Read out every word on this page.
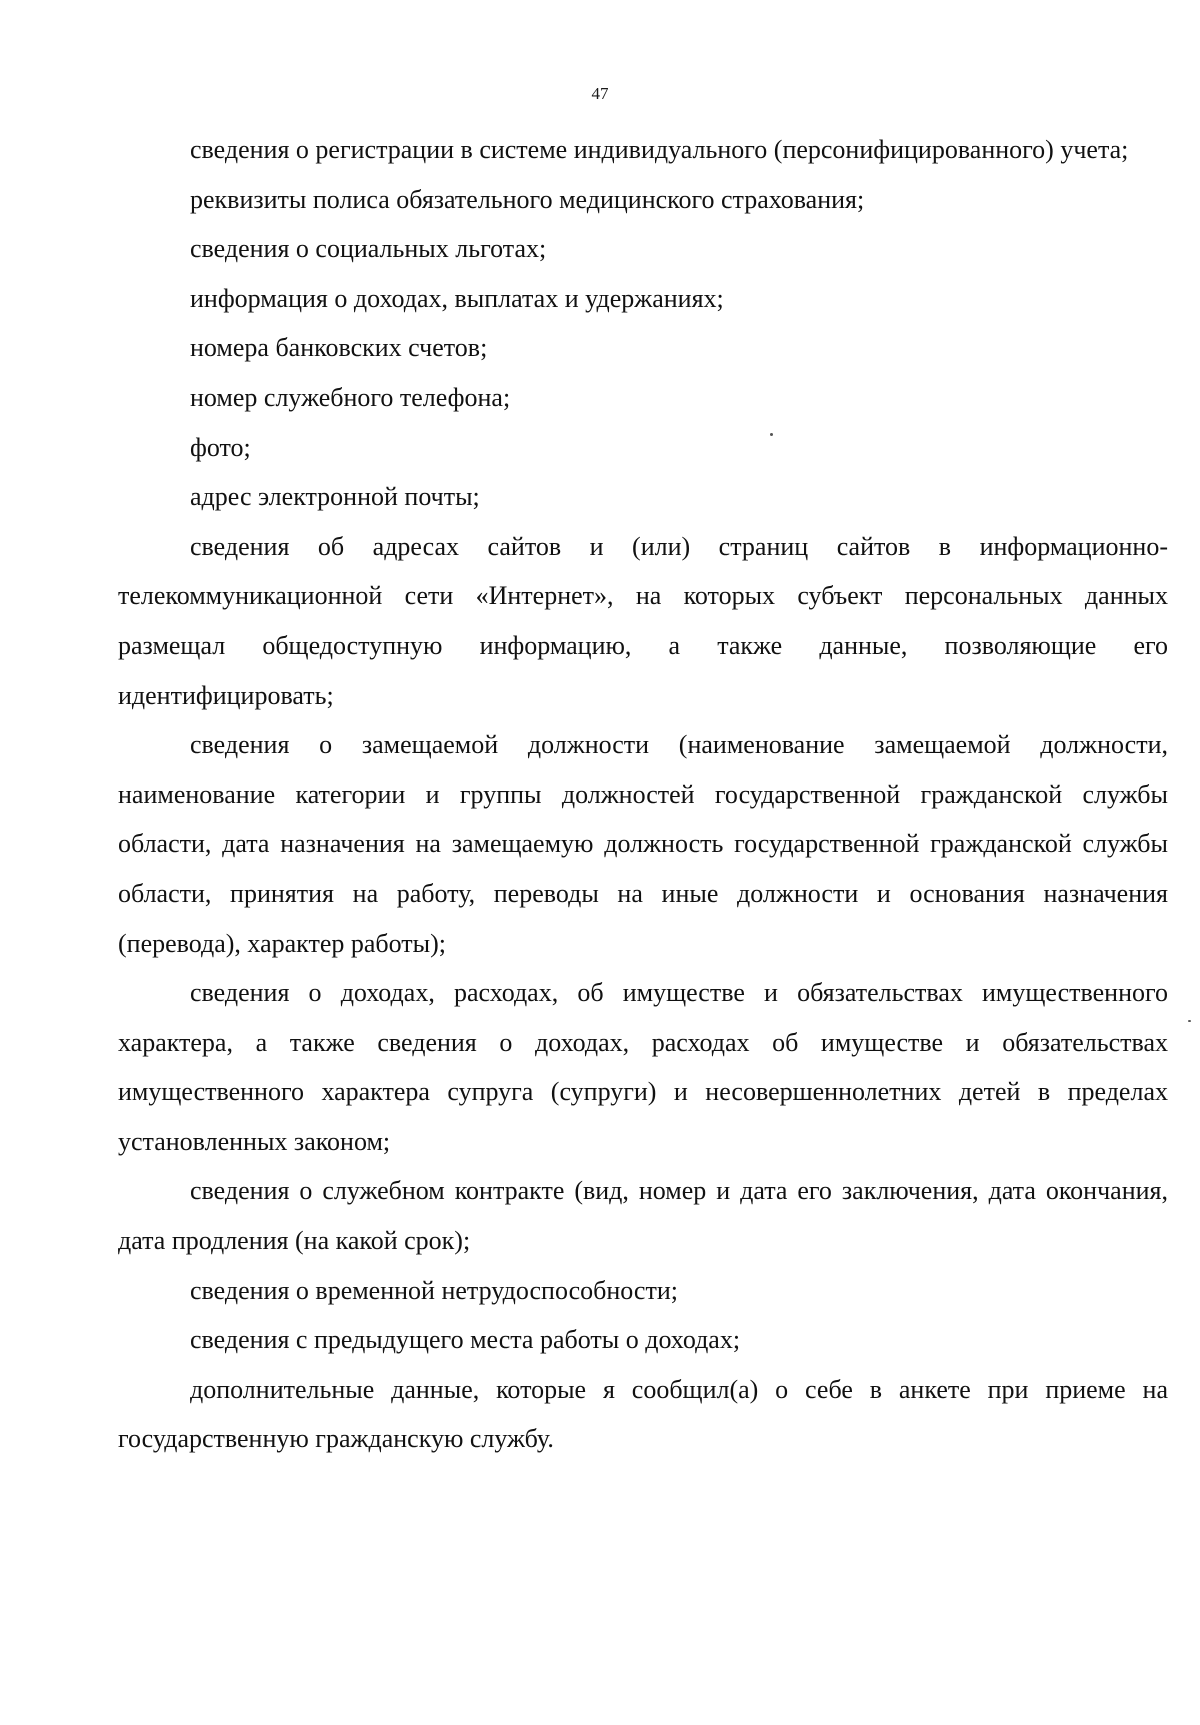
47

сведения о регистрации в системе индивидуального (персонифицированного) учета;

реквизиты полиса обязательного медицинского страхования;

сведения о социальных льготах;

информация о доходах, выплатах и удержаниях;

номера банковских счетов;

номер служебного телефона;

фото;

адрес электронной почты;

сведения об адресах сайтов и (или) страниц сайтов в информационно-телекоммуникационной сети «Интернет», на которых субъект персональных данных размещал общедоступную информацию, а также данные, позволяющие его идентифицировать;

сведения о замещаемой должности (наименование замещаемой должности, наименование категории и группы должностей государственной гражданской службы области, дата назначения на замещаемую должность государственной гражданской службы области, принятия на работу, переводы на иные должности и основания назначения (перевода), характер работы);

сведения о доходах, расходах, об имуществе и обязательствах имущественного характера, а также сведения о доходах, расходах об имуществе и обязательствах имущественного характера супруга (супруги) и несовершеннолетних детей в пределах установленных законом;

сведения о служебном контракте (вид, номер и дата его заключения, дата окончания, дата продления (на какой срок);

сведения о временной нетрудоспособности;

сведения с предыдущего места работы о доходах;

дополнительные данные, которые я сообщил(а) о себе в анкете при приеме на государственную гражданскую службу.
